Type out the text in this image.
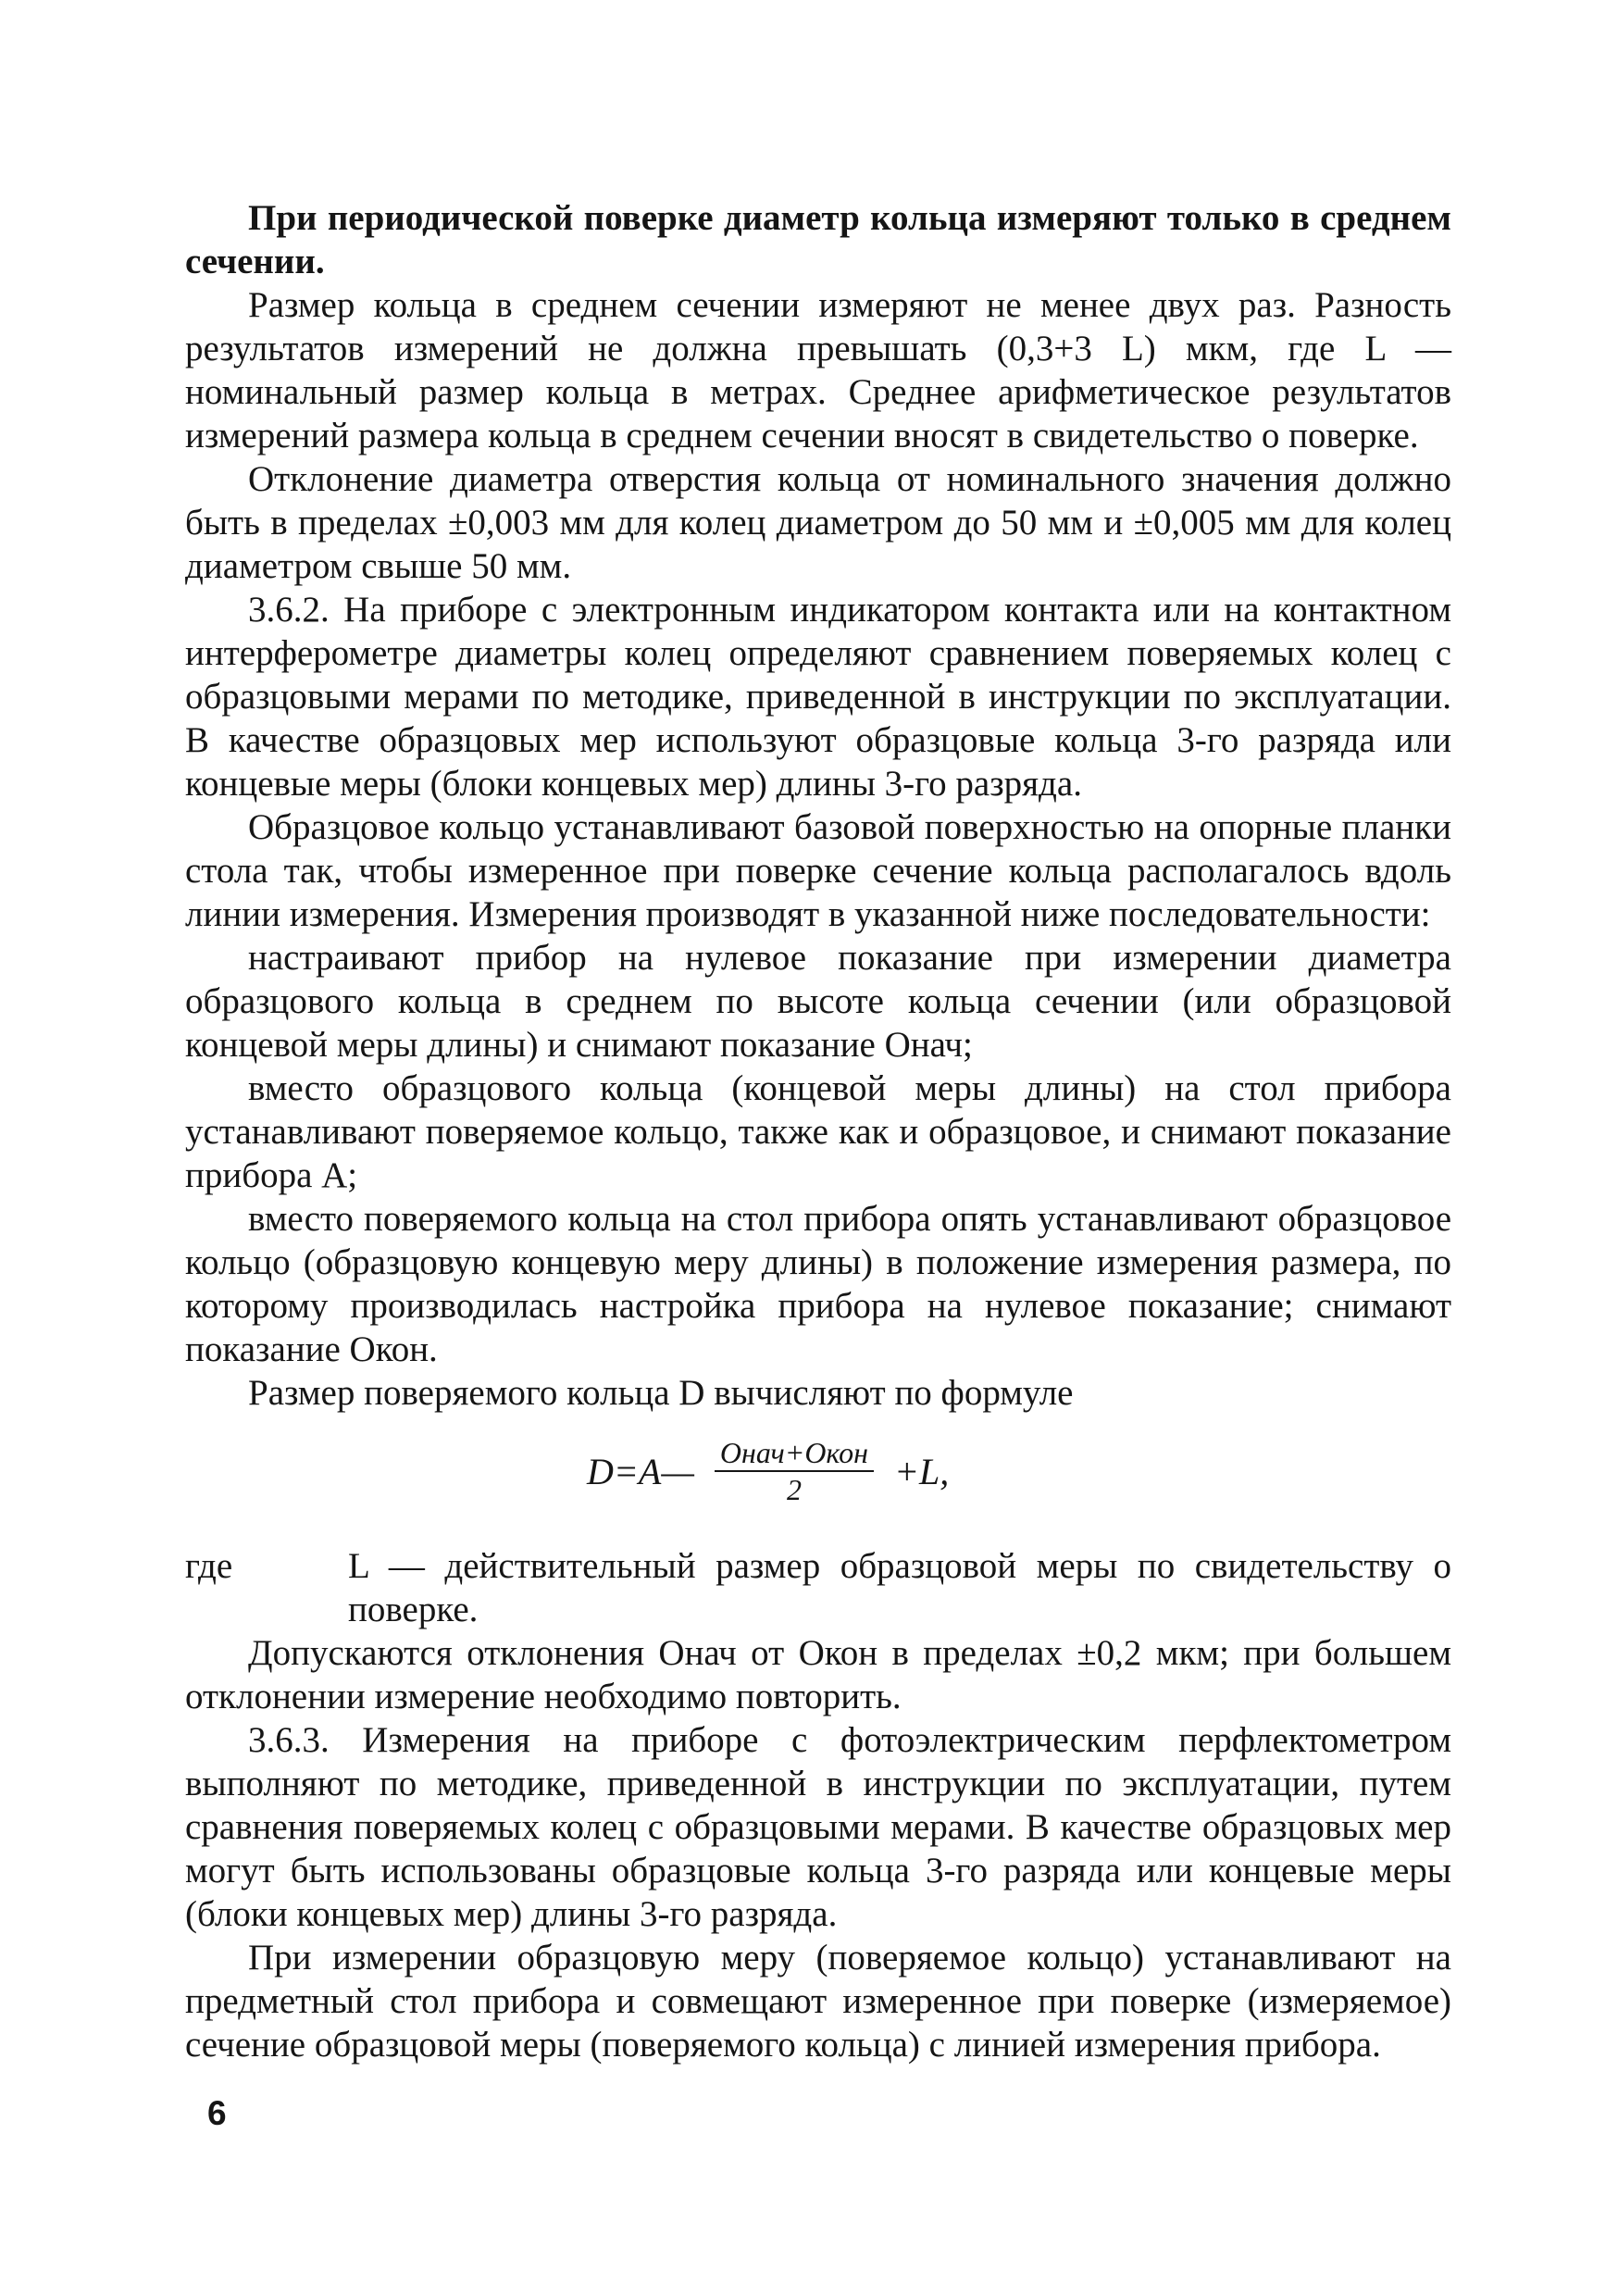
При периодической поверке диаметр кольца измеряют только в среднем сечении.

Размер кольца в среднем сечении измеряют не менее двух раз. Разность результатов измерений не должна превышать (0,3+3 L) мкм, где L — номинальный размер кольца в метрах. Среднее арифметическое результатов измерений размера кольца в среднем сечении вносят в свидетельство о поверке.

Отклонение диаметра отверстия кольца от номинального значения должно быть в пределах ±0,003 мм для колец диаметром до 50 мм и ±0,005 мм для колец диаметром свыше 50 мм.

3.6.2. На приборе с электронным индикатором контакта или на контактном интерферометре диаметры колец определяют сравнением поверяемых колец с образцовыми мерами по методике, приведенной в инструкции по эксплуатации. В качестве образцовых мер используют образцовые кольца 3-го разряда или концевые меры (блоки концевых мер) длины 3-го разряда.

Образцовое кольцо устанавливают базовой поверхностью на опорные планки стола так, чтобы измеренное при поверке сечение кольца располагалось вдоль линии измерения. Измерения производят в указанной ниже последовательности:

настраивают прибор на нулевое показание при измерении диаметра образцового кольца в среднем по высоте кольца сечении (или образцовой концевой меры длины) и снимают показание Oнач;

вместо образцового кольца (концевой меры длины) на стол прибора устанавливают поверяемое кольцо, также как и образцовое, и снимают показание прибора A;

вместо поверяемого кольца на стол прибора опять устанавливают образцовое кольцо (образцовую концевую меру длины) в положение измерения размера, по которому производилась настройка прибора на нулевое показание; снимают показание Oкон.

Размер поверяемого кольца D вычисляют по формуле

D=A— $\frac{\text{Oнач+Oкон}}{2} +L$,

где	L — действительный размер образцовой меры по свидетельству о поверке.

Допускаются отклонения Oнач от Oкон в пределах ±0,2 мкм; при большем отклонении измерение необходимо повторить.

3.6.3. Измерения на приборе с фотоэлектрическим перфлектометром выполняют по методике, приведенной в инструкции по эксплуатации, путем сравнения поверяемых колец с образцовыми мерами. В качестве образцовых мер могут быть использованы образцовые кольца 3-го разряда или концевые меры (блоки концевых мер) длины 3-го разряда.

При измерении образцовую меру (поверяемое кольцо) устанавливают на предметный стол прибора и совмещают измеренное при поверке (измеряемое) сечение образцовой меры (поверяемого кольца) с линией измерения прибора.

6
